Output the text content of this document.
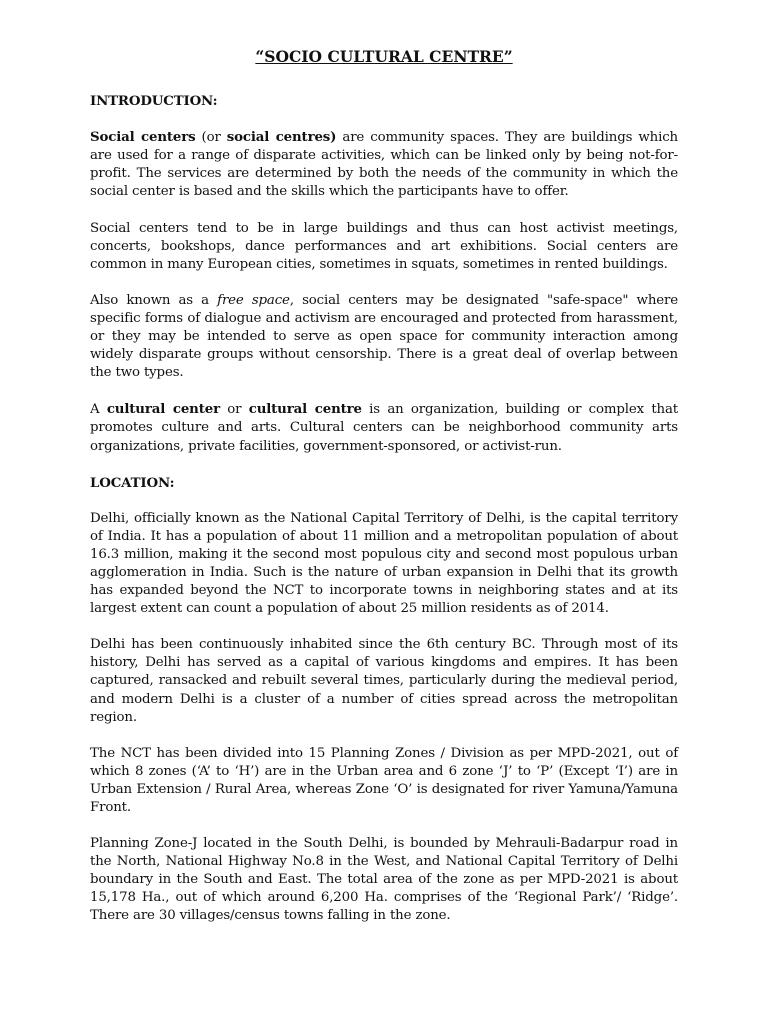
“SOCIO CULTURAL CENTRE”
INTRODUCTION:

Social centers (or social centres) are community spaces. They are buildings which are used for a range of disparate activities, which can be linked only by being not-for-profit. The services are determined by both the needs of the community in which the social center is based and the skills which the participants have to offer.

Social centers tend to be in large buildings and thus can host activist meetings, concerts, bookshops, dance performances and art exhibitions. Social centers are common in many European cities, sometimes in squats, sometimes in rented buildings.

Also known as a free space, social centers may be designated "safe-space" where specific forms of dialogue and activism are encouraged and protected from harassment, or they may be intended to serve as open space for community interaction among widely disparate groups without censorship. There is a great deal of overlap between the two types.

A cultural center or cultural centre is an organization, building or complex that promotes culture and arts. Cultural centers can be neighborhood community arts organizations, private facilities, government-sponsored, or activist-run.

LOCATION:

Delhi, officially known as the National Capital Territory of Delhi, is the capital territory of India. It has a population of about 11 million and a metropolitan population of about 16.3 million, making it the second most populous city and second most populous urban agglomeration in India. Such is the nature of urban expansion in Delhi that its growth has expanded beyond the NCT to incorporate towns in neighboring states and at its largest extent can count a population of about 25 million residents as of 2014.

Delhi has been continuously inhabited since the 6th century BC. Through most of its history, Delhi has served as a capital of various kingdoms and empires. It has been captured, ransacked and rebuilt several times, particularly during the medieval period, and modern Delhi is a cluster of a number of cities spread across the metropolitan region.

The NCT has been divided into 15 Planning Zones / Division as per MPD-2021, out of which 8 zones (‘A’ to ‘H’) are in the Urban area and 6 zone ‘J’ to ‘P’ (Except ‘I’) are in Urban Extension / Rural Area, whereas Zone ‘O’ is designated for river Yamuna/Yamuna Front.

Planning Zone-J located in the South Delhi, is bounded by Mehrauli-Badarpur road in the North, National Highway No.8 in the West, and National Capital Territory of Delhi boundary in the South and East. The total area of the zone as per MPD-2021 is about 15,178 Ha., out of which around 6,200 Ha. comprises of the ‘Regional Park’/ ‘Ridge’. There are 30 villages/census towns falling in the zone.
